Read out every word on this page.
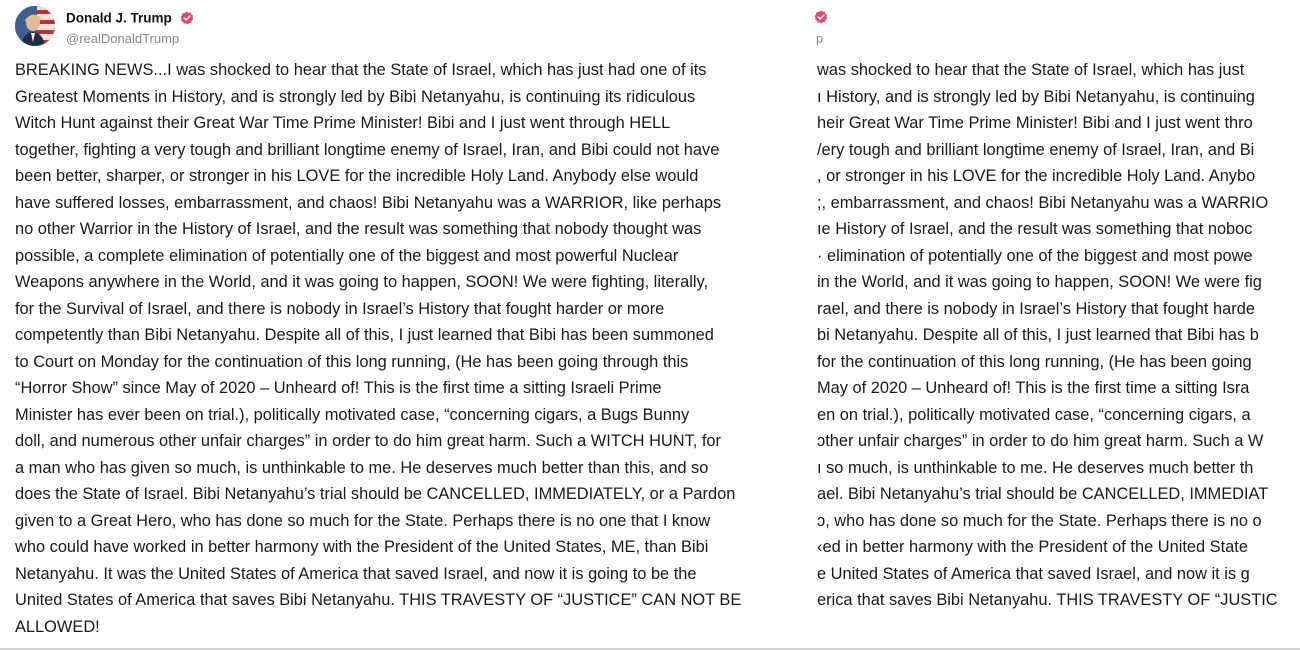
Donald J. Trump
@realDonaldTrump
BREAKING NEWS...I was shocked to hear that the State of Israel, which has just had one of its
Greatest Moments in History, and is strongly led by Bibi Netanyahu, is continuing its ridiculous
Witch Hunt against their Great War Time Prime Minister! Bibi and I just went through HELL
together, fighting a very tough and brilliant longtime enemy of Israel, Iran, and Bibi could not have
been better, sharper, or stronger in his LOVE for the incredible Holy Land. Anybody else would
have suffered losses, embarrassment, and chaos! Bibi Netanyahu was a WARRIOR, like perhaps
no other Warrior in the History of Israel, and the result was something that nobody thought was
possible, a complete elimination of potentially one of the biggest and most powerful Nuclear
Weapons anywhere in the World, and it was going to happen, SOON! We were fighting, literally,
for the Survival of Israel, and there is nobody in Israel’s History that fought harder or more
competently than Bibi Netanyahu. Despite all of this, I just learned that Bibi has been summoned
to Court on Monday for the continuation of this long running, (He has been going through this
“Horror Show” since May of 2020 – Unheard of! This is the first time a sitting Israeli Prime
Minister has ever been on trial.), politically motivated case, “concerning cigars, a Bugs Bunny
doll, and numerous other unfair charges” in order to do him great harm. Such a WITCH HUNT, for
a man who has given so much, is unthinkable to me. He deserves much better than this, and so
does the State of Israel. Bibi Netanyahu’s trial should be CANCELLED, IMMEDIATELY, or a Pardon
given to a Great Hero, who has done so much for the State. Perhaps there is no one that I know
who could have worked in better harmony with the President of the United States, ME, than Bibi
Netanyahu. It was the United States of America that saved Israel, and now it is going to be the
United States of America that saves Bibi Netanyahu. THIS TRAVESTY OF “JUSTICE” CAN NOT BE
ALLOWED!
p
was shocked to hear that the State of Israel, which has just
ı History, and is strongly led by Bibi Netanyahu, is continuing
heir Great War Time Prime Minister! Bibi and I just went thro
/ery tough and brilliant longtime enemy of Israel, Iran, and Bi
, or stronger in his LOVE for the incredible Holy Land. Anybo
;, embarrassment, and chaos! Bibi Netanyahu was a WARRIO
ıe History of Israel, and the result was something that noboc
· elimination of potentially one of the biggest and most powe
in the World, and it was going to happen, SOON! We were fig
rael, and there is nobody in Israel’s History that fought harde
bi Netanyahu. Despite all of this, I just learned that Bibi has b
for the continuation of this long running, (He has been going
May of 2020 – Unheard of! This is the first time a sitting Isra
en on trial.), politically motivated case, “concerning cigars, a
ɔther unfair charges” in order to do him great harm. Such a W
ı so much, is unthinkable to me. He deserves much better th
ael. Bibi Netanyahu’s trial should be CANCELLED, IMMEDIAT
ɔ, who has done so much for the State. Perhaps there is no o
‹ed in better harmony with the President of the United State
e United States of America that saved Israel, and now it is g
erica that saves Bibi Netanyahu. THIS TRAVESTY OF “JUSTIC
